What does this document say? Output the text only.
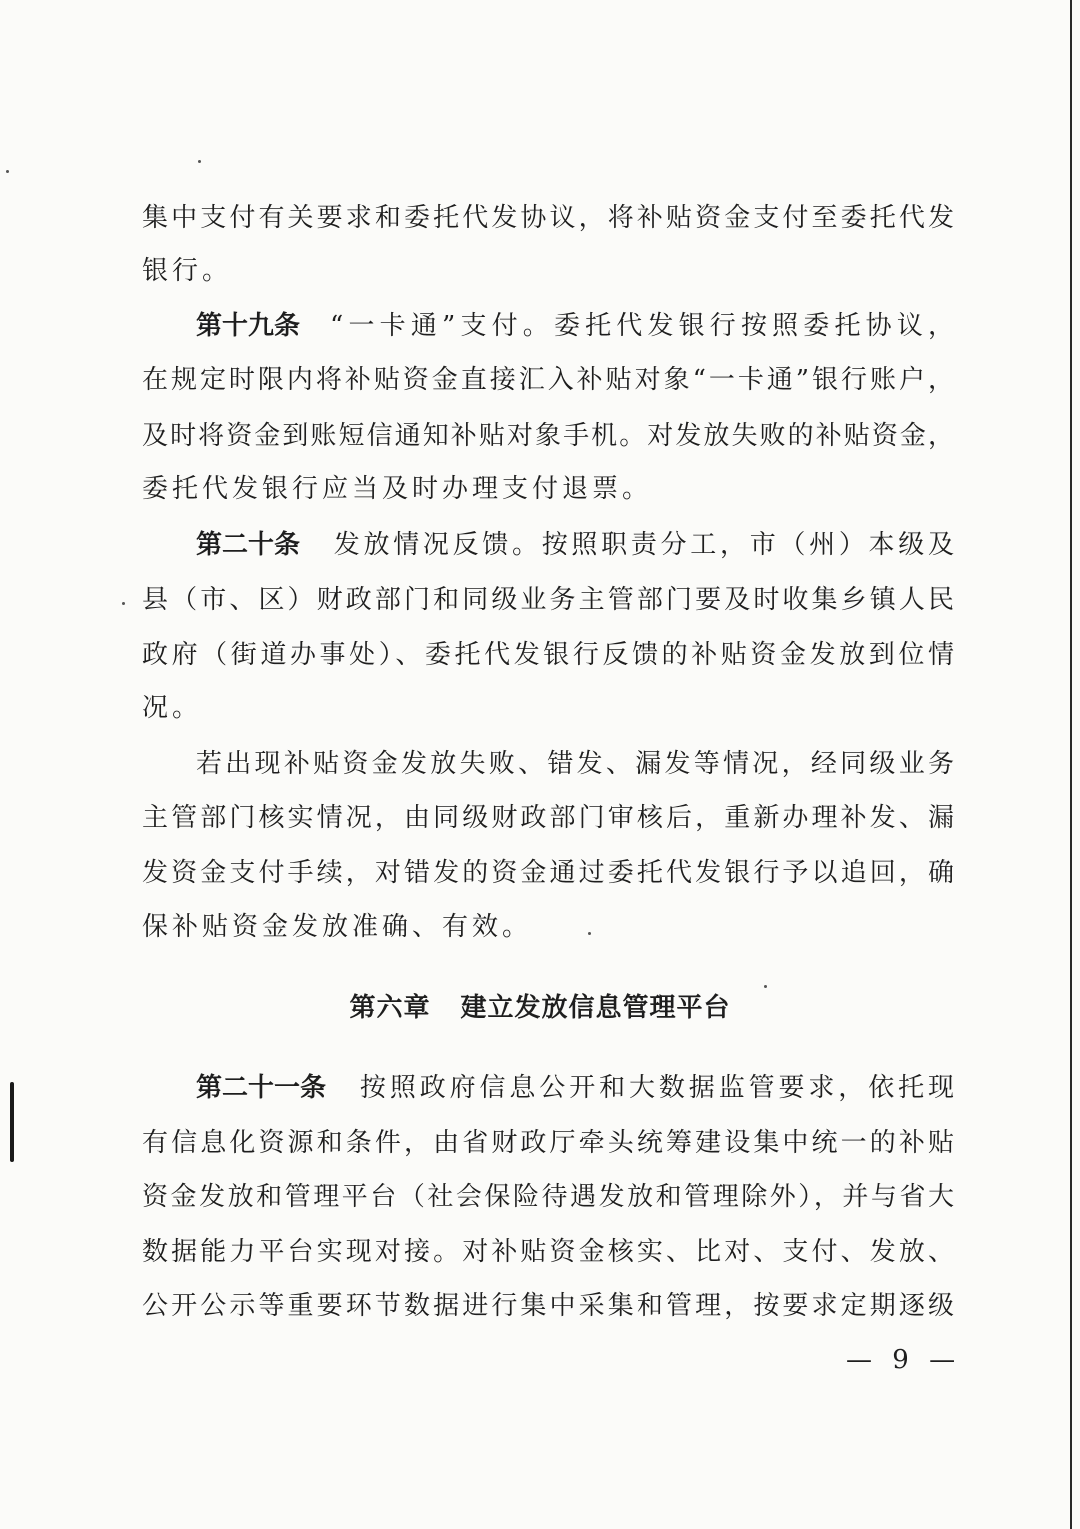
集中支付有关要求和委托代发协议，将补贴资金支付至委托代发
银行。
第十九条 “一卡通”支付。委托代发银行按照委托协议，
在规定时限内将补贴资金直接汇入补贴对象“一卡通”银行账户，
及时将资金到账短信通知补贴对象手机。对发放失败的补贴资金，
委托代发银行应当及时办理支付退票。
第二十条 发放情况反馈。按照职责分工，市（州）本级及
县（市、区）财政部门和同级业务主管部门要及时收集乡镇人民
政府（街道办事处）、委托代发银行反馈的补贴资金发放到位情
况。
若出现补贴资金发放失败、错发、漏发等情况，经同级业务
主管部门核实情况，由同级财政部门审核后，重新办理补发、漏
发资金支付手续，对错发的资金通过委托代发银行予以追回，确
保补贴资金发放准确、有效。
第六章 建立发放信息管理平台
第二十一条 按照政府信息公开和大数据监管要求，依托现
有信息化资源和条件，由省财政厅牵头统筹建设集中统一的补贴
资金发放和管理平台（社会保险待遇发放和管理除外），并与省大
数据能力平台实现对接。对补贴资金核实、比对、支付、发放、
公开公示等重要环节数据进行集中采集和管理，按要求定期逐级
— 9 —
